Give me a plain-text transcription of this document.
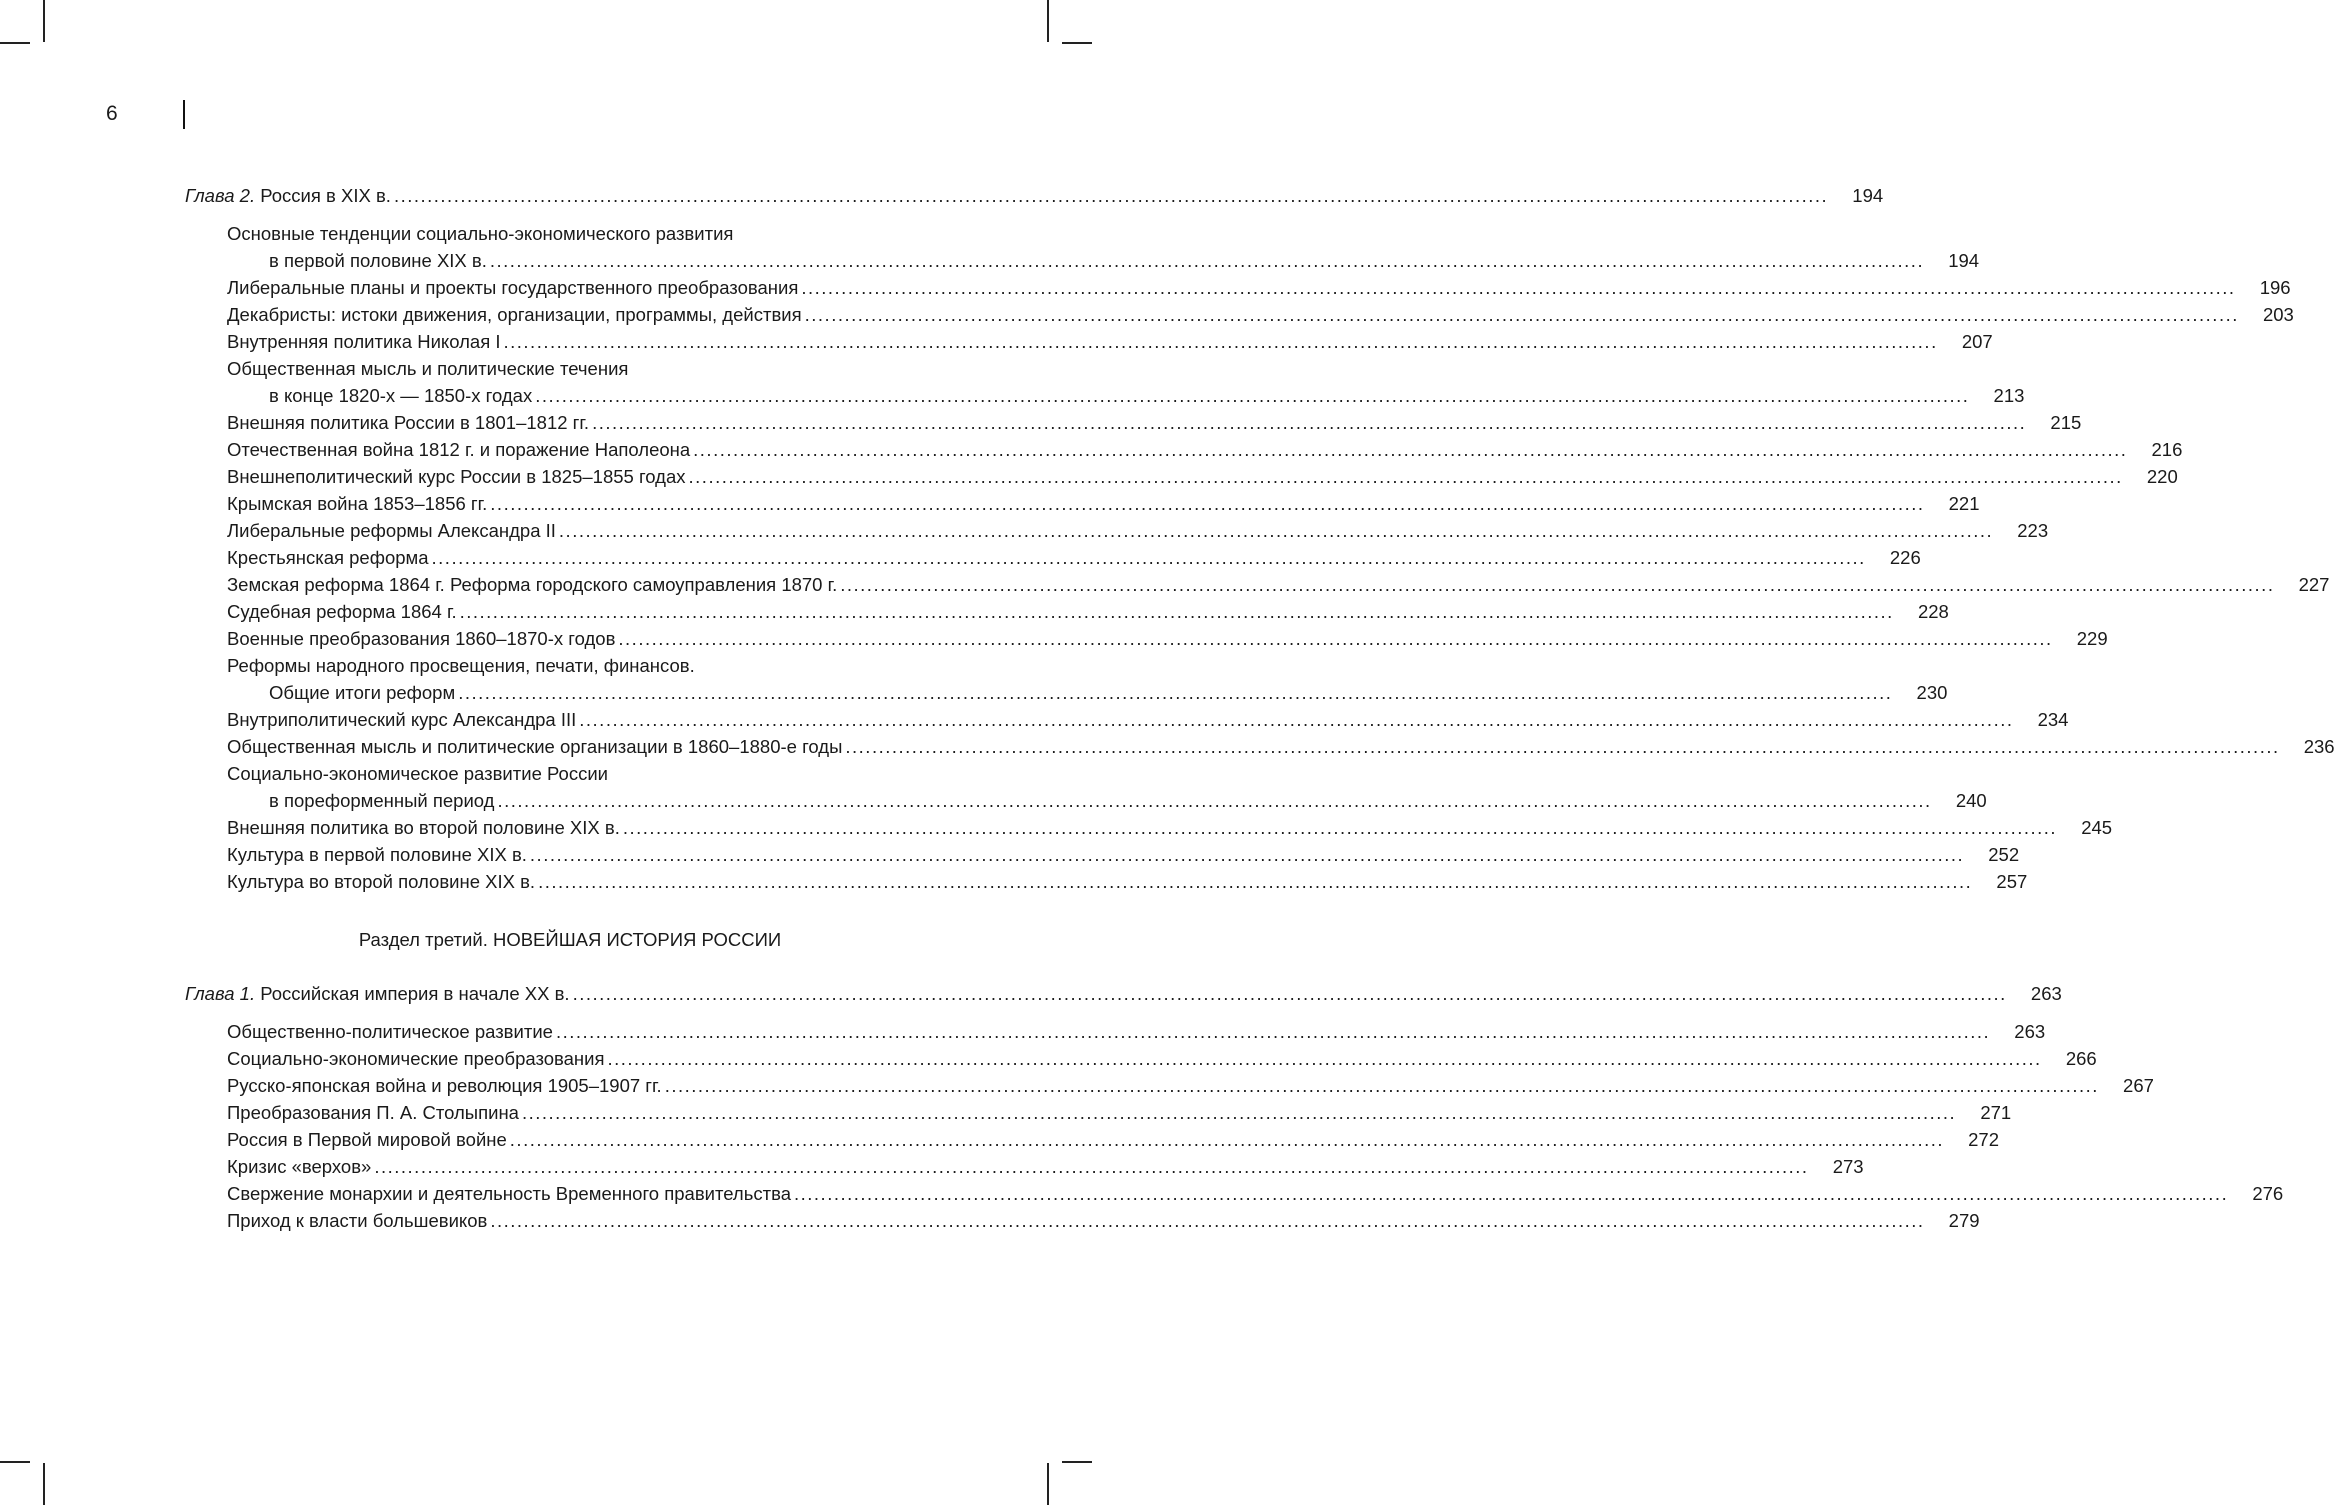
6
Глава 2. Россия в XIX в. .....	194
Основные тенденции социально-экономического развития
в первой половине XIX в. .....	194
Либеральные планы и проекты государственного преобразования .....	196
Декабристы: истоки движения, организации, программы, действия .....	203
Внутренняя политика Николая I .....	207
Общественная мысль и политические течения
в конце 1820-х — 1850-х годах .....	213
Внешняя политика России в 1801–1812 гг. .....	215
Отечественная война 1812 г. и поражение Наполеона .....	216
Внешнеполитический курс России в 1825–1855 годах .....	220
Крымская война 1853–1856 гг. .....	221
Либеральные реформы Александра II .....	223
Крестьянская реформа .....	226
Земская реформа 1864 г. Реформа городского самоуправления 1870 г. .....	227
Судебная реформа 1864 г. .....	228
Военные преобразования 1860–1870-х годов .....	229
Реформы народного просвещения, печати, финансов.
Общие итоги реформ .....	230
Внутриполитический курс Александра III .....	234
Общественная мысль и политические организации в 1860–1880-е годы .....	236
Социально-экономическое развитие России
в пореформенный период .....	240
Внешняя политика во второй половине XIX в. .....	245
Культура в первой половине XIX в. .....	252
Культура во второй половине XIX в. .....	257
Раздел третий. НОВЕЙШАЯ ИСТОРИЯ РОССИИ
Глава 1. Российская империя в начале XX в. .....	263
Общественно-политическое развитие .....	263
Социально-экономические преобразования .....	266
Русско-японская война и революция 1905–1907 гг. .....	267
Преобразования П. А. Столыпина .....	271
Россия в Первой мировой войне .....	272
Кризис «верхов» .....	273
Свержение монархии и деятельность Временного правительства .....	276
Приход к власти большевиков .....	279
